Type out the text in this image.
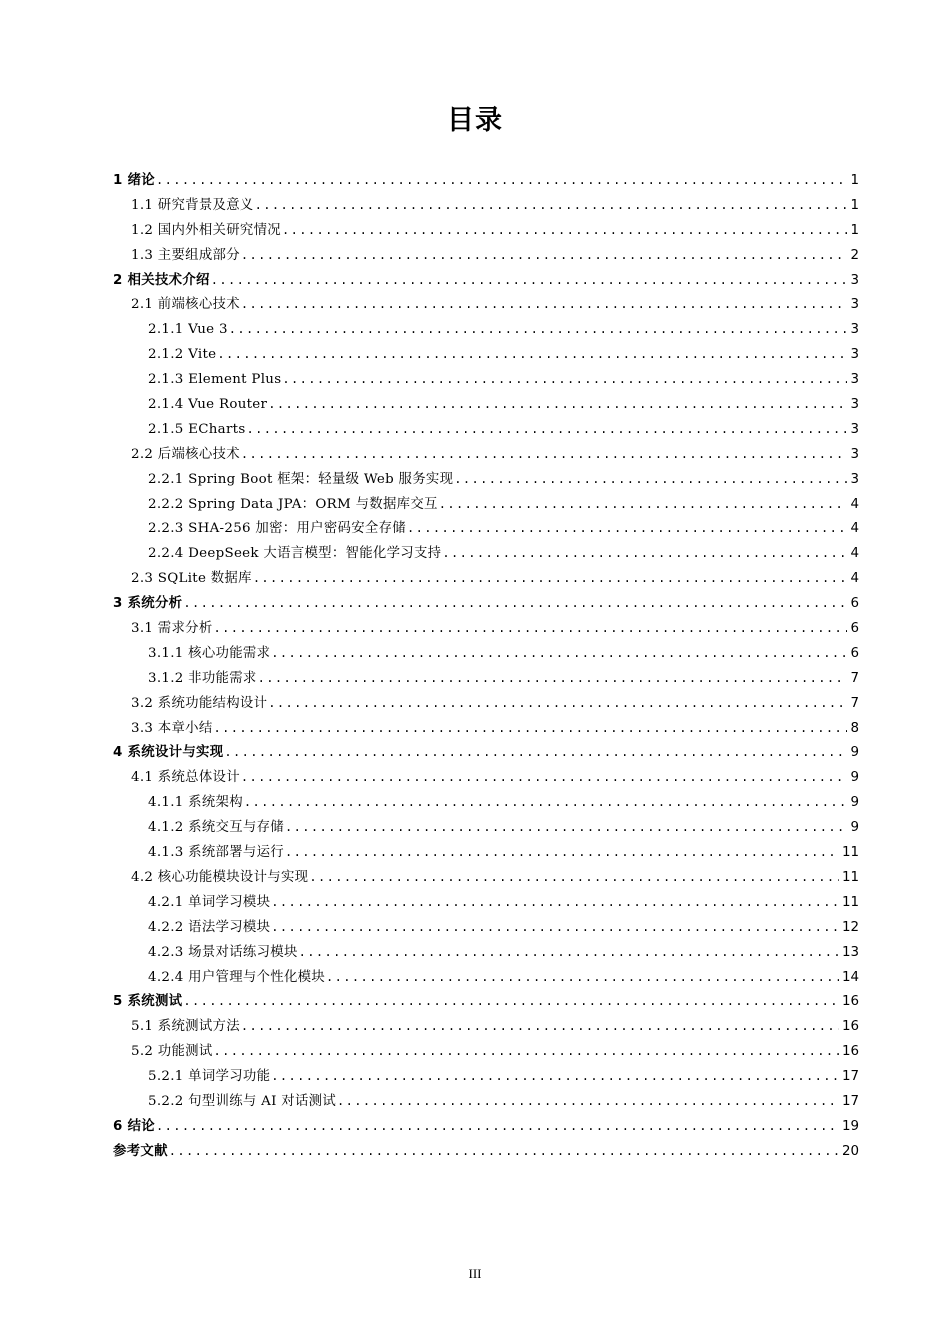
目录
1 绪论 .....	1
1.1 研究背景及意义 .....	1
1.2 国内外相关研究情况 .....	1
1.3 主要组成部分 .....	2
2 相关技术介绍 .....	3
2.1 前端核心技术 .....	3
2.1.1 Vue 3 .....	3
2.1.2 Vite .....	3
2.1.3 Element Plus .....	3
2.1.4 Vue Router .....	3
2.1.5 ECharts .....	3
2.2 后端核心技术 .....	3
2.2.1 Spring Boot 框架：轻量级 Web 服务实现 .....	3
2.2.2 Spring Data JPA：ORM 与数据库交互 .....	4
2.2.3 SHA-256 加密：用户密码安全存储 .....	4
2.2.4 DeepSeek 大语言模型：智能化学习支持 .....	4
2.3 SQLite 数据库 .....	4
3 系统分析 .....	6
3.1 需求分析 .....	6
3.1.1 核心功能需求 .....	6
3.1.2 非功能需求 .....	7
3.2 系统功能结构设计 .....	7
3.3 本章小结 .....	8
4 系统设计与实现 .....	9
4.1 系统总体设计 .....	9
4.1.1 系统架构 .....	9
4.1.2 系统交互与存储 .....	9
4.1.3 系统部署与运行 .....	11
4.2 核心功能模块设计与实现 .....	11
4.2.1 单词学习模块 .....	11
4.2.2 语法学习模块 .....	12
4.2.3 场景对话练习模块 .....	13
4.2.4 用户管理与个性化模块 .....	14
5 系统测试 .....	16
5.1 系统测试方法 .....	16
5.2 功能测试 .....	16
5.2.1 单词学习功能 .....	17
5.2.2 句型训练与 AI 对话测试 .....	17
6 结论 .....	19
参考文献 .....	20
III
